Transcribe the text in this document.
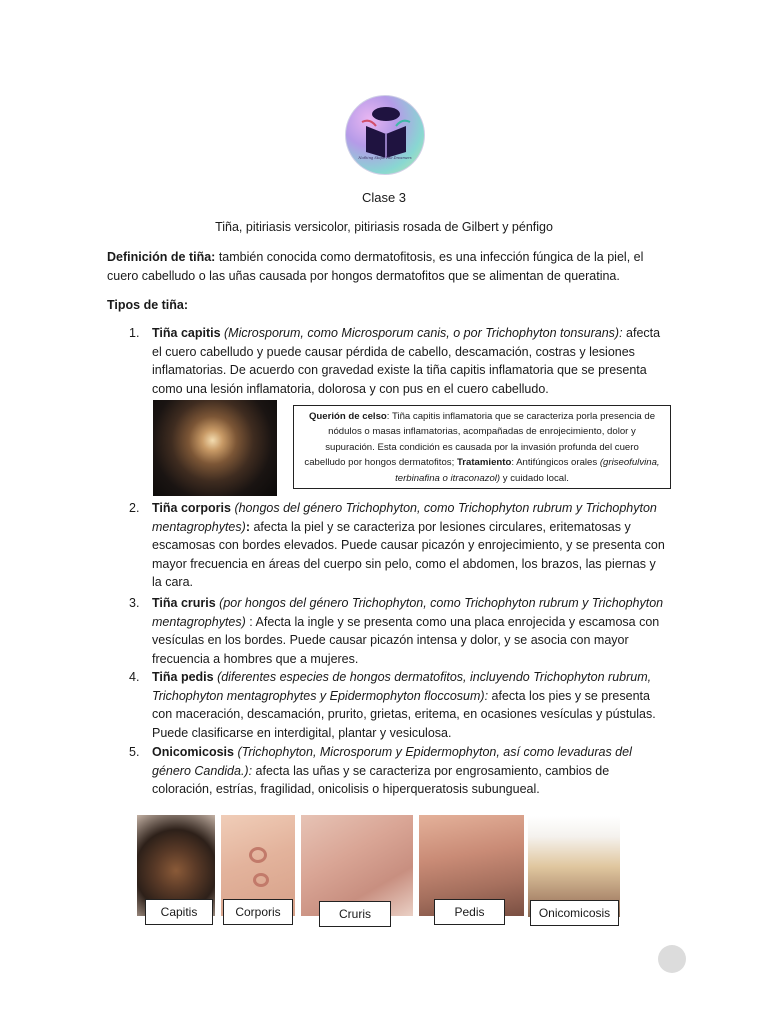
Nothing Stops The Dreamers
Clase 3
Tiña, pitiriasis versicolor, pitiriasis rosada de Gilbert y pénfigo
Definición de tiña: también conocida como dermatofitosis, es una infección fúngica de la piel, el cuero cabelludo o las uñas causada por hongos dermatofitos que se alimentan de queratina.
Tipos de tiña:
1. Tiña capitis (Microsporum, como Microsporum canis, o por Trichophyton tonsurans): afecta el cuero cabelludo y puede causar pérdida de cabello, descamación, costras y lesiones inflamatorias. De acuerdo con gravedad existe la tiña capitis inflamatoria que se presenta como una lesión inflamatoria, dolorosa y con pus en el cuero cabelludo.
Querión de celso: Tiña capitis inflamatoria que se caracteriza porla presencia de nódulos o masas inflamatorias, acompañadas de enrojecimiento, dolor y supuración. Esta condición es causada por la invasión profunda del cuero cabelludo por hongos dermatofitos; Tratamiento: Antifúngicos orales (griseofulvina, terbinafina o itraconazol) y cuidado local.
2. Tiña corporis (hongos del género Trichophyton, como Trichophyton rubrum y Trichophyton mentagrophytes): afecta la piel y se caracteriza por lesiones circulares, eritematosas y escamosas con bordes elevados. Puede causar picazón y enrojecimiento, y se presenta con mayor frecuencia en áreas del cuerpo sin pelo, como el abdomen, los brazos, las piernas y la cara.
3. Tiña cruris (por hongos del género Trichophyton, como Trichophyton rubrum y Trichophyton mentagrophytes) : Afecta la ingle y se presenta como una placa enrojecida y escamosa con vesículas en los bordes. Puede causar picazón intensa y dolor, y se asocia con mayor frecuencia a hombres que a mujeres.
4. Tiña pedis (diferentes especies de hongos dermatofitos, incluyendo Trichophyton rubrum, Trichophyton mentagrophytes y Epidermophyton floccosum): afecta los pies y se presenta con maceración, descamación, prurito, grietas, eritema, en ocasiones vesículas y pústulas. Puede clasificarse en interdigital, plantar y vesiculosa.
5. Onicomicosis (Trichophyton, Microsporum y Epidermophyton, así como levaduras del género Candida.): afecta las uñas y se caracteriza por engrosamiento, cambios de coloración, estrías, fragilidad, onicolisis o hiperqueratosis subungueal.
Capitis	Corporis	Cruris	Pedis	Onicomicosis
